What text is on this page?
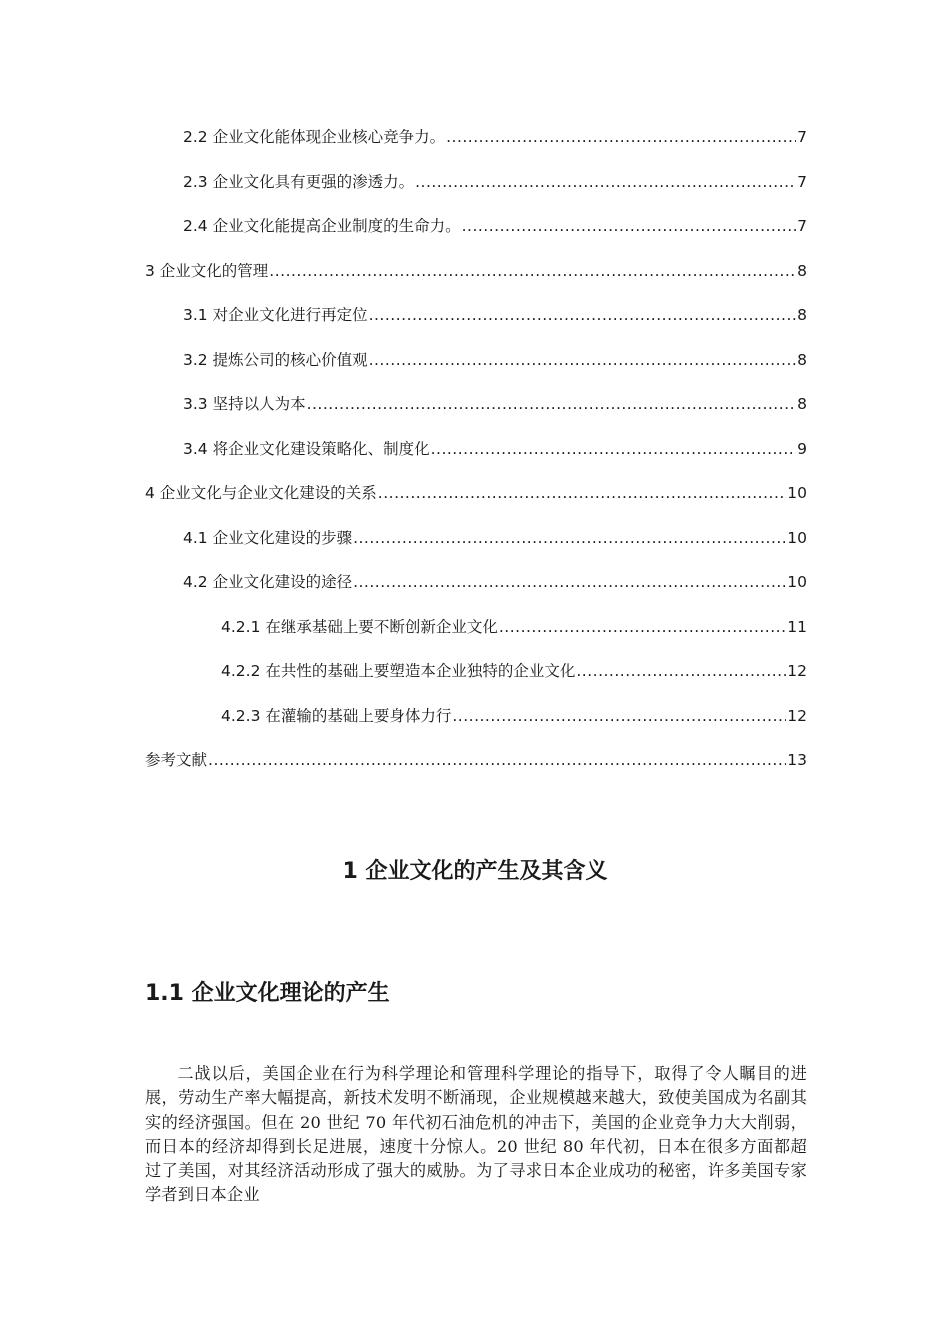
2.2 企业文化能体现企业核心竞争力。 .....	7
2.3 企业文化具有更强的渗透力。 .....	7
2.4 企业文化能提高企业制度的生命力。 .....	7
3 企业文化的管理 .....	8
3.1 对企业文化进行再定位 .....	8
3.2 提炼公司的核心价值观 .....	8
3.3 坚持以人为本 .....	8
3.4 将企业文化建设策略化、制度化 .....	9
4 企业文化与企业文化建设的关系 .....	10
4.1 企业文化建设的步骤 .....	10
4.2 企业文化建设的途径 .....	10
4.2.1 在继承基础上要不断创新企业文化 .....	11
4.2.2 在共性的基础上要塑造本企业独特的企业文化 .....	12
4.2.3 在灌输的基础上要身体力行 .....	12
参考文献 .....	13
1 企业文化的产生及其含义
1.1 企业文化理论的产生
二战以后，美国企业在行为科学理论和管理科学理论的指导下，取得了令人瞩目的进展，劳动生产率大幅提高，新技术发明不断涌现，企业规模越来越大，致使美国成为名副其实的经济强国。但在 20 世纪 70 年代初石油危机的冲击下，美国的企业竞争力大大削弱，而日本的经济却得到长足进展，速度十分惊人。20 世纪 80 年代初，日本在很多方面都超过了美国，对其经济活动形成了强大的威胁。为了寻求日本企业成功的秘密，许多美国专家学者到日本企业
